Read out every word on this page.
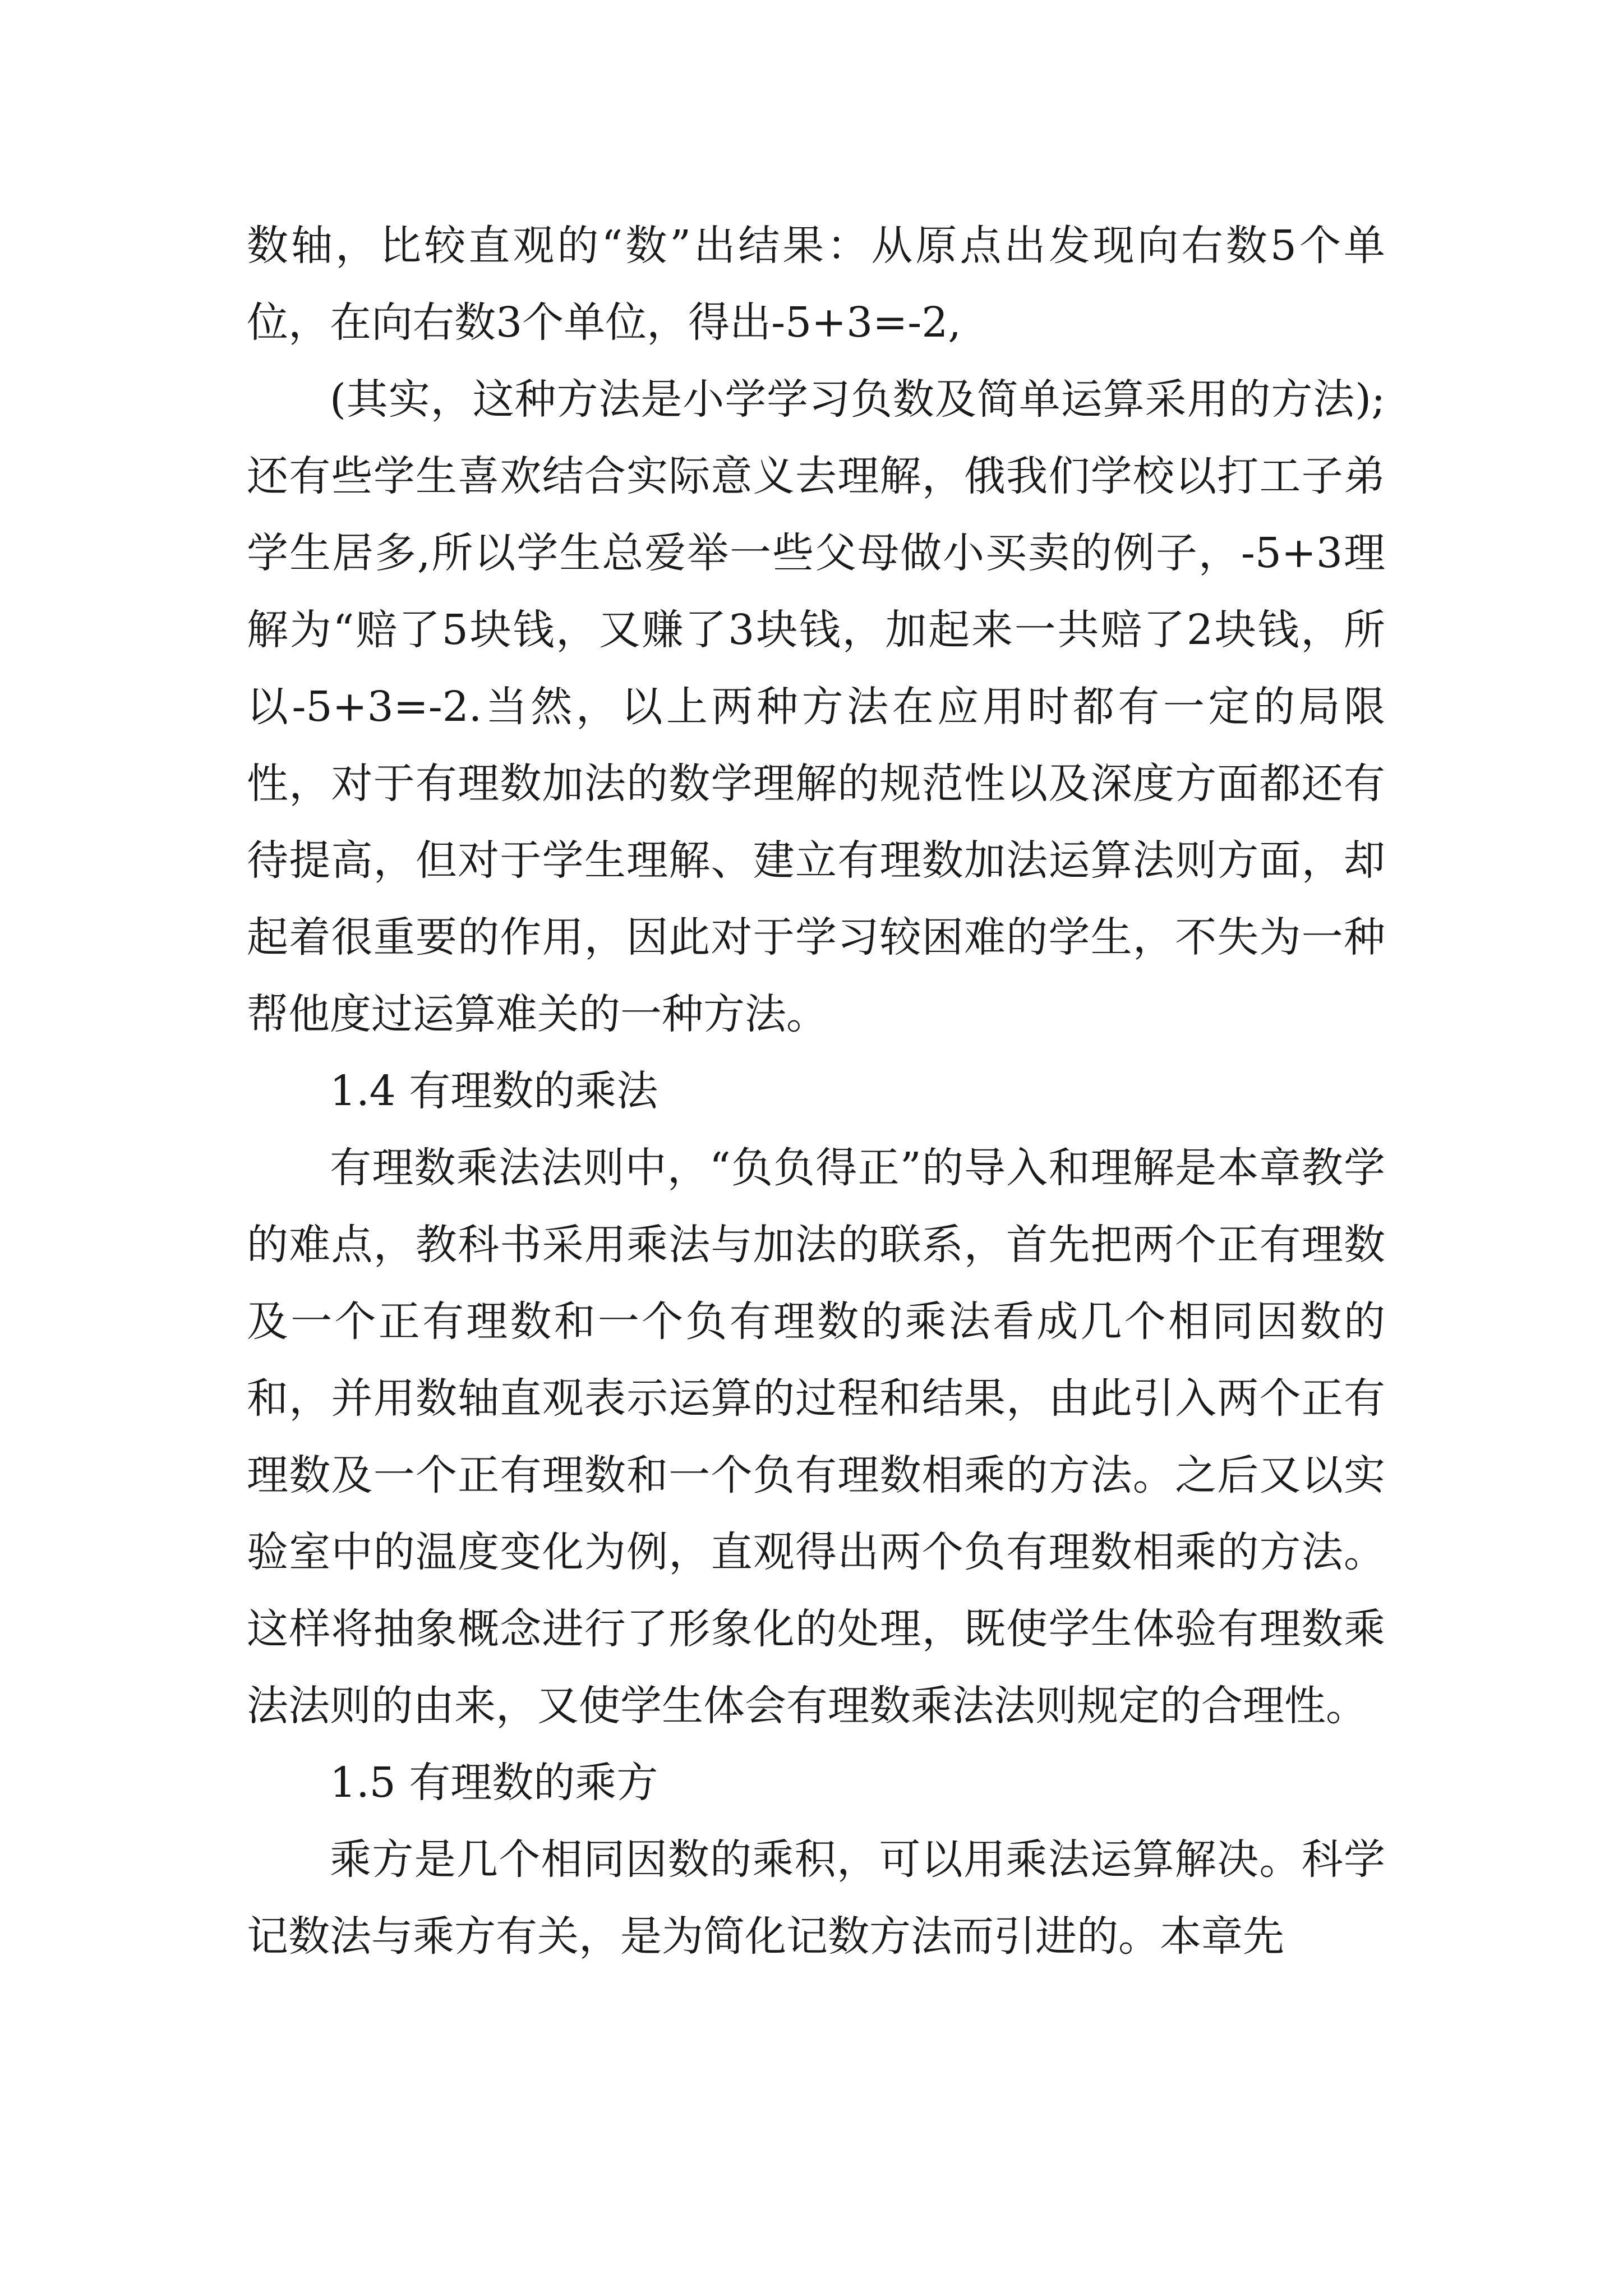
数轴，比较直观的“数”出结果：从原点出发现向右数5个单位，在向右数3个单位，得出-5+3=-2,

(其实，这种方法是小学学习负数及简单运算采用的方法);还有些学生喜欢结合实际意义去理解，俄我们学校以打工子弟学生居多,所以学生总爱举一些父母做小买卖的例子，-5+3理解为“赔了5块钱，又赚了3块钱，加起来一共赔了2块钱，所以-5+3=-2.当然，以上两种方法在应用时都有一定的局限性，对于有理数加法的数学理解的规范性以及深度方面都还有待提高，但对于学生理解、建立有理数加法运算法则方面，却起着很重要的作用，因此对于学习较困难的学生，不失为一种帮他度过运算难关的一种方法。

1.4 有理数的乘法

有理数乘法法则中，“负负得正”的导入和理解是本章教学的难点，教科书采用乘法与加法的联系，首先把两个正有理数及一个正有理数和一个负有理数的乘法看成几个相同因数的和，并用数轴直观表示运算的过程和结果，由此引入两个正有理数及一个正有理数和一个负有理数相乘的方法。之后又以实验室中的温度变化为例，直观得出两个负有理数相乘的方法。这样将抽象概念进行了形象化的处理，既使学生体验有理数乘法法则的由来，又使学生体会有理数乘法法则规定的合理性。

1.5 有理数的乘方

乘方是几个相同因数的乘积，可以用乘法运算解决。科学记数法与乘方有关，是为简化记数方法而引进的。本章先
